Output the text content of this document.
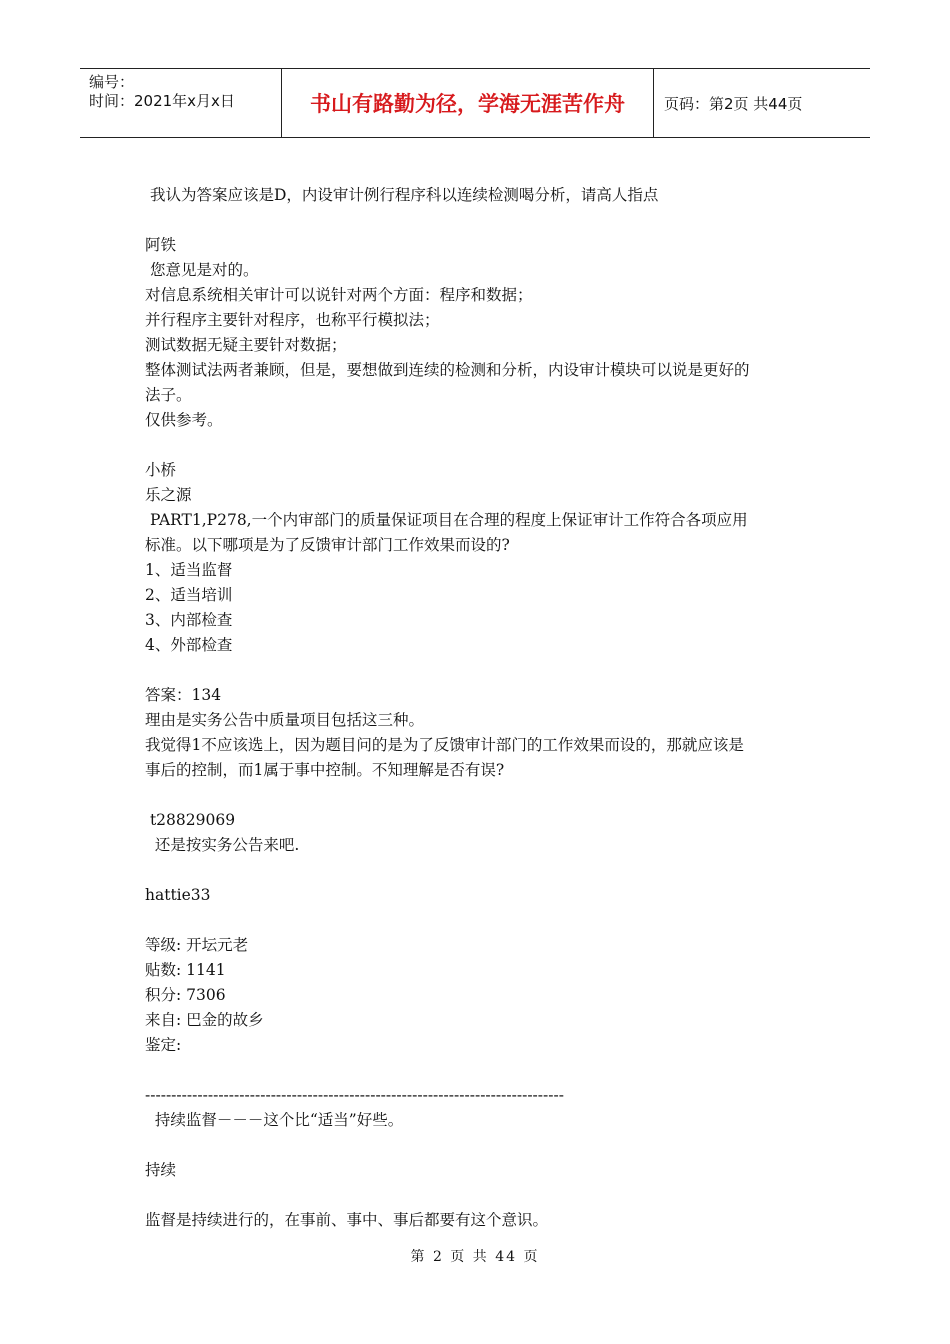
编号：
时间：2021年x月x日	书山有路勤为径，学海无涯苦作舟	页码：第2页 共44页

我认为答案应该是D，内设审计例行程序科以连续检测喝分析，请高人指点

阿铁

您意见是对的。

对信息系统相关审计可以说针对两个方面：程序和数据；

并行程序主要针对程序，也称平行模拟法；

测试数据无疑主要针对数据；

整体测试法两者兼顾，但是，要想做到连续的检测和分析，内设审计模块可以说是更好的

法子。

仅供参考。

小桥

乐之源

PART1,P278,一个内审部门的质量保证项目在合理的程度上保证审计工作符合各项应用

标准。以下哪项是为了反馈审计部门工作效果而设的?

1、适当监督

2、适当培训

3、内部检查

4、外部检查

答案：134

理由是实务公告中质量项目包括这三种。

我觉得1不应该选上，因为题目问的是为了反馈审计部门的工作效果而设的，那就应该是

事后的控制，而1属于事中控制。不知理解是否有误?

t28829069

还是按实务公告来吧.

hattie33

等级: 开坛元老

贴数: 1141

积分: 7306

来自: 巴金的故乡

鉴定:

--------------------------------------------------------------------------------

持续监督－－－这个比“适当”好些。

持续

监督是持续进行的，在事前、事中、事后都要有这个意识。

第 2 页 共 44 页
